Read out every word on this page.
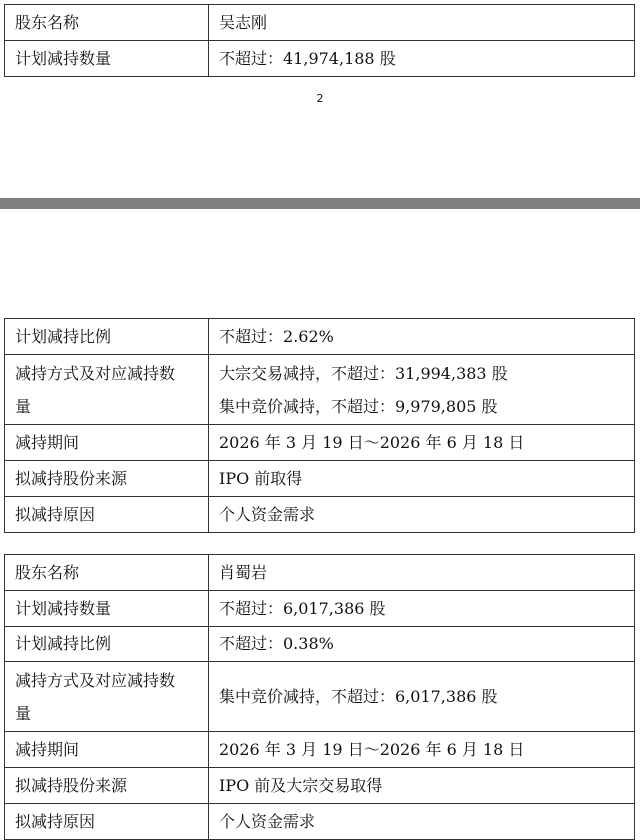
股东名称	吴志刚
计划减持数量	不超过：41,974,188 股
2
计划减持比例	不超过：2.62%
减持方式及对应减持数
量	大宗交易减持，不超过：31,994,383 股
集中竞价减持，不超过：9,979,805 股
减持期间	2026 年 3 月 19 日～2026 年 6 月 18 日
拟减持股份来源	IPO 前取得
拟减持原因	个人资金需求
股东名称	肖蜀岩
计划减持数量	不超过：6,017,386 股
计划减持比例	不超过：0.38%
减持方式及对应减持数
量	集中竞价减持，不超过：6,017,386 股
减持期间	2026 年 3 月 19 日～2026 年 6 月 18 日
拟减持股份来源	IPO 前及大宗交易取得
拟减持原因	个人资金需求
